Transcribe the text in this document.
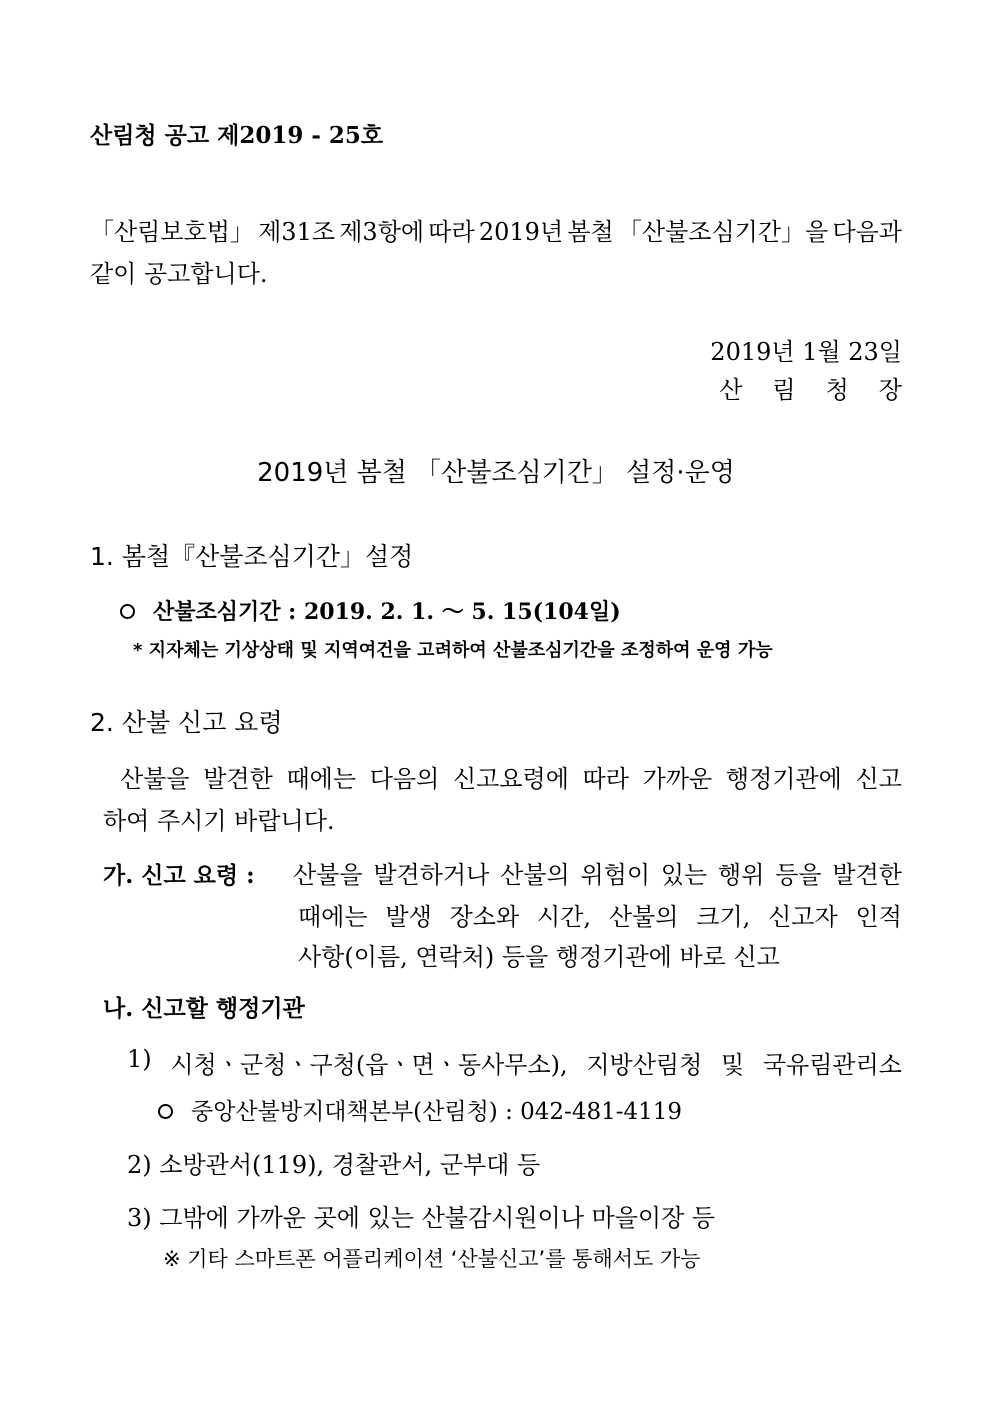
산림청 공고 제2019 - 25호
「산림보호법」 제31조 제3항에 따라 2019년 봄철 「산불조심기간」을 다음과
같이 공고합니다.
2019년 1월 23일
산림청장
2019년 봄철 「산불조심기간」 설정·운영
1. 봄철『산불조심기간」설정
산불조심기간 : 2019. 2. 1. ～ 5. 15(104일)
* 지자체는 기상상태 및 지역여건을 고려하여 산불조심기간을 조정하여 운영 가능
2. 산불 신고 요령
산불을 발견한 때에는 다음의 신고요령에 따라 가까운 행정기관에 신고
하여 주시기 바랍니다.
가. 신고 요령 : 산불을 발견하거나 산불의 위험이 있는 행위 등을 발견한
때에는 발생 장소와 시간, 산불의 크기, 신고자 인적
사항(이름, 연락처) 등을 행정기관에 바로 신고
나. 신고할 행정기관
1) 시청ㆍ군청ㆍ구청(읍ㆍ면ㆍ동사무소), 지방산림청 및 국유림관리소
중앙산불방지대책본부(산림청) : 042-481-4119
2) 소방관서(119), 경찰관서, 군부대 등
3) 그밖에 가까운 곳에 있는 산불감시원이나 마을이장 등
※ 기타 스마트폰 어플리케이션 ‘산불신고’를 통해서도 가능
